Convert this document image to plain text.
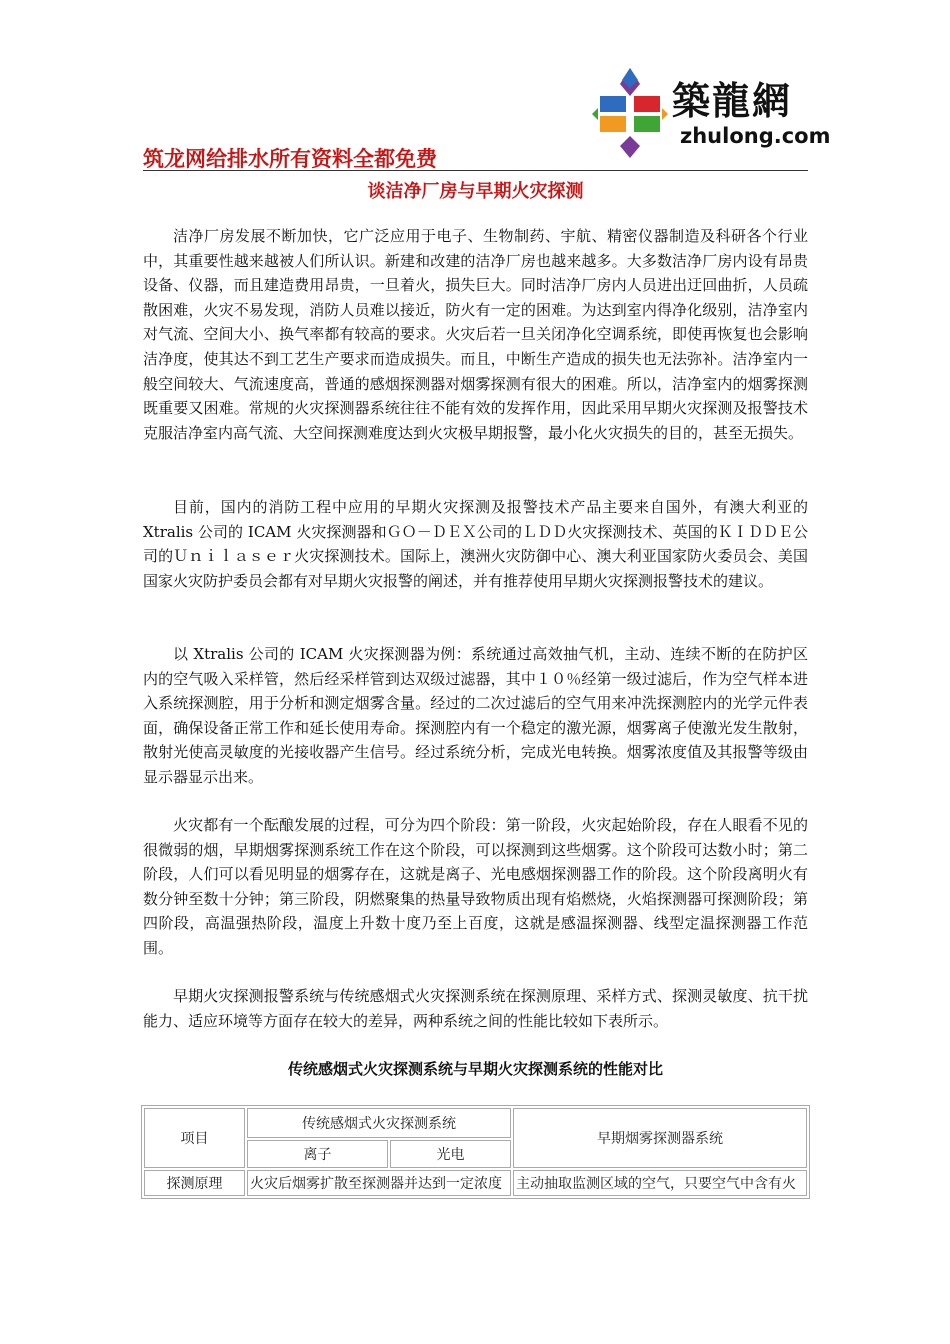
築龍網
zhulong.com
筑龙网给排水所有资料全都免费
谈洁净厂房与早期火灾探测

洁净厂房发展不断加快，它广泛应用于电子、生物制药、宇航、精密仪器制造及科研各个行业中，其重要性越来越被人们所认识。新建和改建的洁净厂房也越来越多。大多数洁净厂房内设有昂贵设备、仪器，而且建造费用昂贵，一旦着火，损失巨大。同时洁净厂房内人员进出迂回曲折，人员疏散困难，火灾不易发现，消防人员难以接近，防火有一定的困难。为达到室内得净化级别，洁净室内对气流、空间大小、换气率都有较高的要求。火灾后若一旦关闭净化空调系统，即使再恢复也会影响洁净度，使其达不到工艺生产要求而造成损失。而且，中断生产造成的损失也无法弥补。洁净室内一般空间较大、气流速度高，普通的感烟探测器对烟雾探测有很大的困难。所以，洁净室内的烟雾探测既重要又困难。常规的火灾探测器系统往往不能有效的发挥作用，因此采用早期火灾探测及报警技术克服洁净室内高气流、大空间探测难度达到火灾极早期报警，最小化火灾损失的目的，甚至无损失。

目前，国内的消防工程中应用的早期火灾探测及报警技术产品主要来自国外，有澳大利亚的 Xtralis 公司的 ICAM 火灾探测器和ＧＯ－ＤＥＸ公司的ＬＤＤ火灾探测技术、英国的ＫＩＤＤＥ公司的Ｕｎｉｌａｓｅｒ火灾探测技术。国际上，澳洲火灾防御中心、澳大利亚国家防火委员会、美国国家火灾防护委员会都有对早期火灾报警的阐述，并有推荐使用早期火灾探测报警技术的建议。

以 Xtralis 公司的 ICAM 火灾探测器为例：系统通过高效抽气机，主动、连续不断的在防护区内的空气吸入采样管，然后经采样管到达双级过滤器，其中１０％经第一级过滤后，作为空气样本进入系统探测腔，用于分析和测定烟雾含量。经过的二次过滤后的空气用来冲洗探测腔内的光学元件表面，确保设备正常工作和延长使用寿命。探测腔内有一个稳定的激光源，烟雾离子使激光发生散射，散射光使高灵敏度的光接收器产生信号。经过系统分析，完成光电转换。烟雾浓度值及其报警等级由显示器显示出来。

火灾都有一个酝酿发展的过程，可分为四个阶段：第一阶段，火灾起始阶段，存在人眼看不见的很微弱的烟，早期烟雾探测系统工作在这个阶段，可以探测到这些烟雾。这个阶段可达数小时；第二阶段，人们可以看见明显的烟雾存在，这就是离子、光电感烟探测器工作的阶段。这个阶段离明火有数分钟至数十分钟；第三阶段，阴燃聚集的热量导致物质出现有焰燃烧，火焰探测器可探测阶段；第四阶段，高温强热阶段，温度上升数十度乃至上百度，这就是感温探测器、线型定温探测器工作范围。

早期火灾探测报警系统与传统感烟式火灾探测系统在探测原理、采样方式、探测灵敏度、抗干扰能力、适应环境等方面存在较大的差异，两种系统之间的性能比较如下表所示。

传统感烟式火灾探测系统与早期火灾探测系统的性能对比
项目	传统感烟式火灾探测系统		早期烟雾探测器系统
	离子	光电	
探测原理	火灾后烟雾扩散至探测器并达到一定浓度		主动抽取监测区域的空气，只要空气中含有火
